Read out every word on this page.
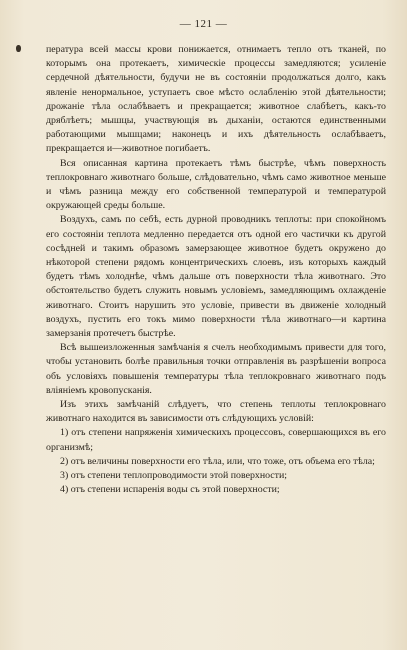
— 121 —

пературa всей массы крови понижается, отнимаетъ тепло отъ тканей, по которымъ она протекаетъ, химическiе процессы замедляются; усиленiе сердечной дѣятельности, будучи не въ состоянiи продолжаться долго, какъ явленiе ненормальное, уступаетъ свое мѣсто ослабленiю этой дѣятельности; дрожанiе тѣла ослабѣваетъ и прекращается; животное слабѣетъ, какъ-то дряблѣетъ; мышцы, участвующiя въ дыханiи, остаются единственными работающими мышцами; наконецъ и ихъ дѣятельность ослабѣваетъ, прекращается и—животное погибаетъ.

Вся описанная картина протекаетъ тѣмъ быстрѣе, чѣмъ поверхность теплокровнаго животнаго больше, слѣдовательно, чѣмъ само животное меньше и чѣмъ разница между его собственной температурой и температурой окружающей среды больше.

Воздухъ, самъ по себѣ, есть дурной проводникъ теплоты: при спокойномъ его состоянiи теплота медленно передается отъ одной его частички къ другой сосѣдней и такимъ образомъ замерзающее животное будетъ окружено до нѣкоторой степени рядомъ концентрическихъ слоевъ, изъ которыхъ каждый будетъ тѣмъ холоднѣе, чѣмъ дальше отъ поверхности тѣла животнаго. Это обстоятельство будетъ служить новымъ условiемъ, замедляющимъ охлажденiе животнаго. Стоитъ нарушить это условiе, привести въ движенiе холодный воздухъ, пустить его токъ мимо поверхности тѣла животнаго—и картина замерзанiя протечетъ быстрѣе.

Всѣ вышеизложенныя замѣчанiя я счелъ необходимымъ привести для того, чтобы установить болѣе правильныя точки отправленiя въ разрѣшенiи вопроса объ условiяхъ повышенiя температуры тѣла теплокровнаго животнаго подъ влiянiемъ кровопусканiя.

Изъ этихъ замѣчанiй слѣдуетъ, что степень теплоты теплокровнаго животнаго находится въ зависимости отъ слѣдующихъ условiй:

1) отъ степени напряженiя химическихъ процессовъ, совершающихся въ его организмѣ;

2) отъ величины поверхности его тѣла, или, что тоже, отъ объема его тѣла;

3) отъ степени теплопроводимости этой поверхности;

4) отъ степени испаренiя воды съ этой поверхности;
